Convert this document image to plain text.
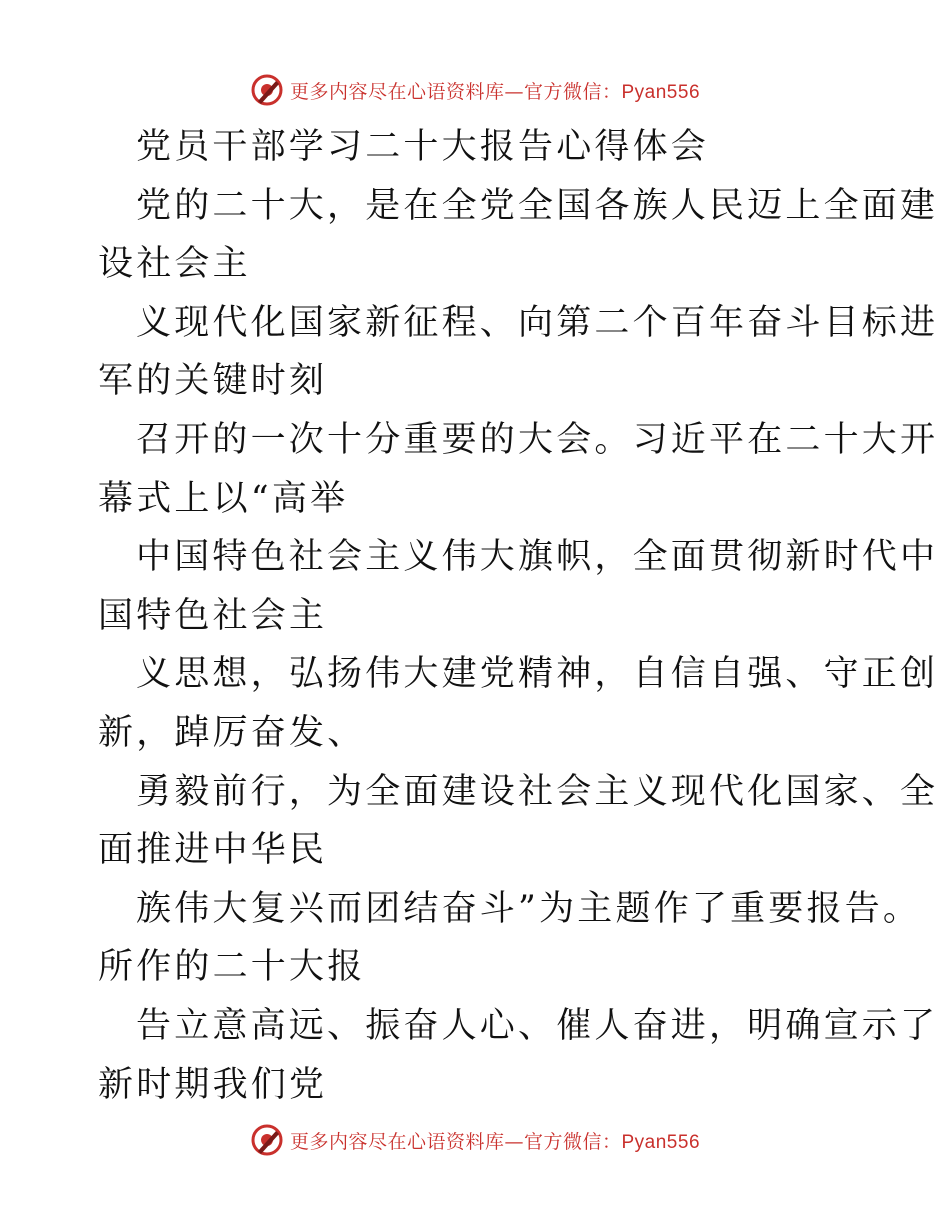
更多内容尽在心语资料库—官方微信：Pyan556
党员干部学习二十大报告心得体会
党的二十大，是在全党全国各族人民迈上全面建
设社会主
义现代化国家新征程、向第二个百年奋斗目标进
军的关键时刻
召开的一次十分重要的大会。习近平在二十大开
幕式上以“高举
中国特色社会主义伟大旗帜，全面贯彻新时代中
国特色社会主
义思想，弘扬伟大建党精神，自信自强、守正创
新，踔厉奋发、
勇毅前行，为全面建设社会主义现代化国家、全
面推进中华民
族伟大复兴而团结奋斗”为主题作了重要报告。
所作的二十大报
告立意高远、振奋人心、催人奋进，明确宣示了
新时期我们党
更多内容尽在心语资料库—官方微信：Pyan556
